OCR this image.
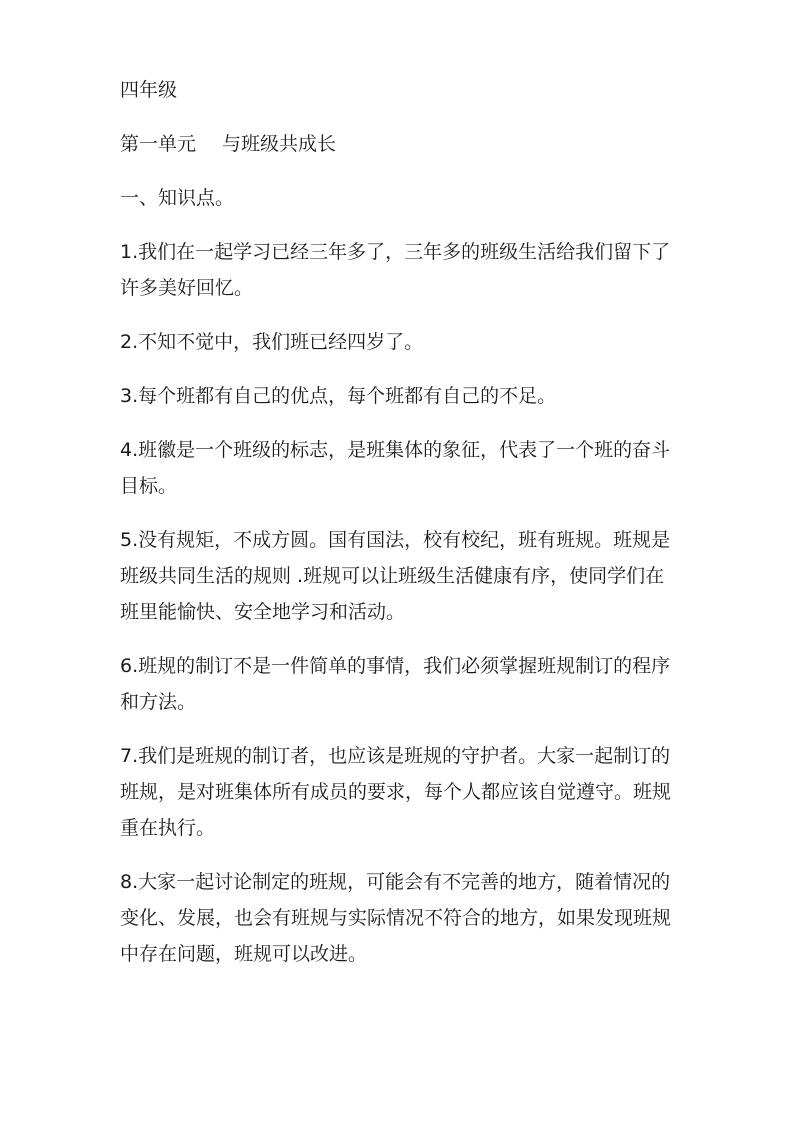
四年级

第一单元 与班级共成长

一、知识点。

1.我们在一起学习已经三年多了，三年多的班级生活给我们留下了许多美好回忆。

2.不知不觉中，我们班已经四岁了。

3.每个班都有自己的优点，每个班都有自己的不足。

4.班徽是一个班级的标志，是班集体的象征，代表了一个班的奋斗目标。

5.没有规矩，不成方圆。国有国法，校有校纪，班有班规。班规是班级共同生活的规则 .班规可以让班级生活健康有序，使同学们在班里能愉快、安全地学习和活动。

6.班规的制订不是一件简单的事情，我们必须掌握班规制订的程序和方法。

7.我们是班规的制订者，也应该是班规的守护者。大家一起制订的班规，是对班集体所有成员的要求，每个人都应该自觉遵守。班规重在执行。

8.大家一起讨论制定的班规，可能会有不完善的地方，随着情况的变化、发展，也会有班规与实际情况不符合的地方，如果发现班规中存在问题，班规可以改进。
